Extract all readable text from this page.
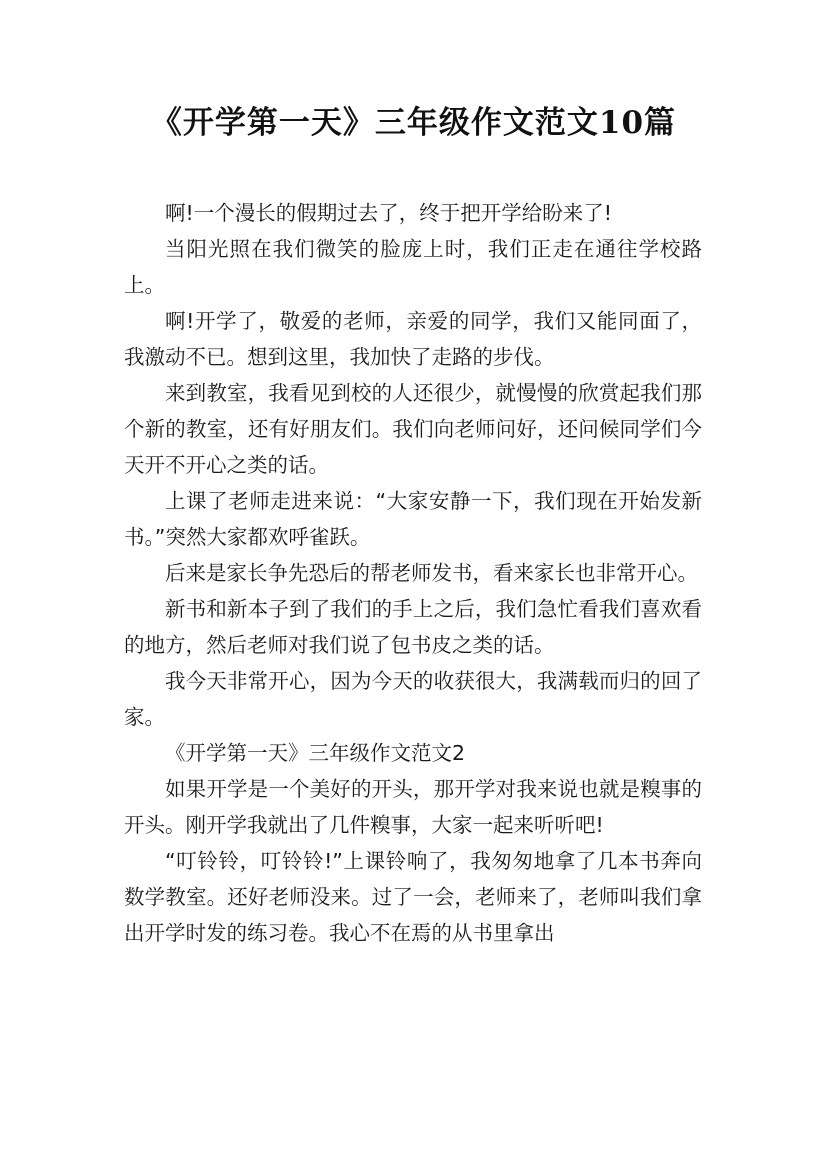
《开学第一天》三年级作文范文10篇

啊!一个漫长的假期过去了，终于把开学给盼来了!

当阳光照在我们微笑的脸庞上时，我们正走在通往学校路上。

啊!开学了，敬爱的老师，亲爱的同学，我们又能同面了，我激动不已。想到这里，我加快了走路的步伐。

来到教室，我看见到校的人还很少，就慢慢的欣赏起我们那个新的教室，还有好朋友们。我们向老师问好，还问候同学们今天开不开心之类的话。

上课了老师走进来说：“大家安静一下，我们现在开始发新书。”突然大家都欢呼雀跃。

后来是家长争先恐后的帮老师发书，看来家长也非常开心。

新书和新本子到了我们的手上之后，我们急忙看我们喜欢看的地方，然后老师对我们说了包书皮之类的话。

我今天非常开心，因为今天的收获很大，我满载而归的回了家。

《开学第一天》三年级作文范文2

如果开学是一个美好的开头，那开学对我来说也就是糗事的开头。刚开学我就出了几件糗事，大家一起来听听吧!

“叮铃铃，叮铃铃!”上课铃响了，我匆匆地拿了几本书奔向数学教室。还好老师没来。过了一会，老师来了，老师叫我们拿出开学时发的练习卷。我心不在焉的从书里拿出
